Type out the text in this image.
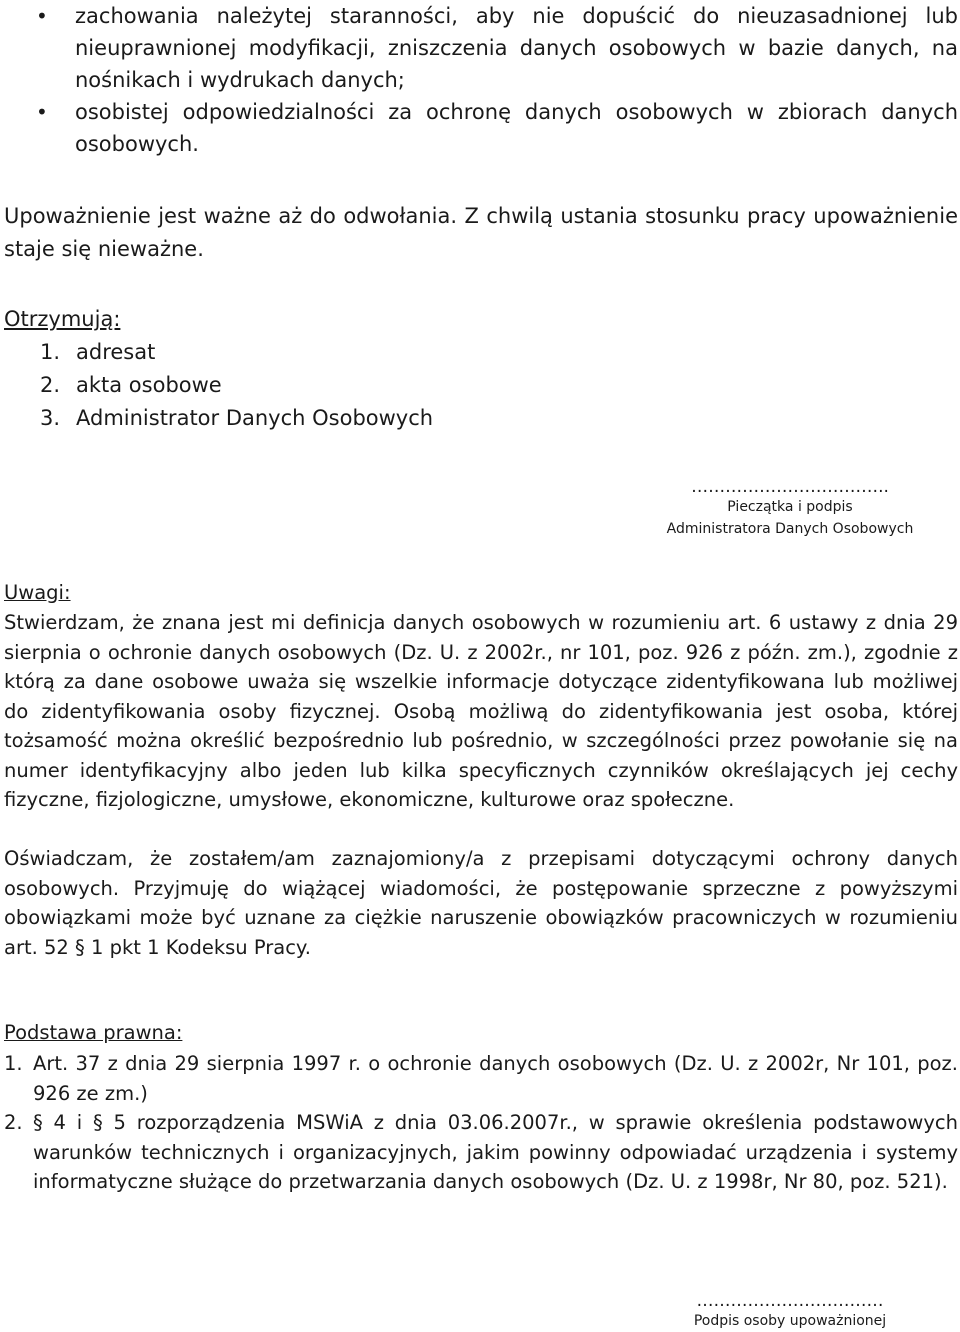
• zachowania należytej staranności, aby nie dopuścić do nieuzasadnionej lub nieuprawnionej modyfikacji, zniszczenia danych osobowych w bazie danych, na nośnikach i wydrukach danych;
• osobistej odpowiedzialności za ochronę danych osobowych w zbiorach danych osobowych.

Upoważnienie jest ważne aż do odwołania. Z chwilą ustania stosunku pracy upoważnienie staje się nieważne.

Otrzymują:
1. adresat
2. akta osobowe
3. Administrator Danych Osobowych
……………………………..
Pieczątka i podpis
Administratora Danych Osobowych
Uwagi:

Stwierdzam, że znana jest mi definicja danych osobowych w rozumieniu art. 6 ustawy z dnia 29 sierpnia o ochronie danych osobowych (Dz. U. z 2002r., nr 101, poz. 926 z późn. zm.), zgodnie z którą za dane osobowe uważa się wszelkie informacje dotyczące zidentyfikowana lub możliwej do zidentyfikowania osoby fizycznej. Osobą możliwą do zidentyfikowania jest osoba, której tożsamość można określić bezpośrednio lub pośrednio, w szczególności przez powołanie się na numer identyfikacyjny albo jeden lub kilka specyficznych czynników określających jej cechy fizyczne, fizjologiczne, umysłowe, ekonomiczne, kulturowe oraz społeczne.

Oświadczam, że zostałem/am zaznajomiony/a z przepisami dotyczącymi ochrony danych osobowych. Przyjmuję do wiążącej wiadomości, że postępowanie sprzeczne z powyższymi obowiązkami może być uznane za ciężkie naruszenie obowiązków pracowniczych w rozumieniu art. 52 § 1 pkt 1 Kodeksu Pracy.

Podstawa prawna:
1. Art. 37 z dnia 29 sierpnia 1997 r. o ochronie danych osobowych (Dz. U. z 2002r, Nr 101, poz. 926 ze zm.)
2. § 4 i § 5 rozporządzenia MSWiA z dnia 03.06.2007r., w sprawie określenia podstawowych warunków technicznych i organizacyjnych, jakim powinny odpowiadać urządzenia i systemy informatyczne służące do przetwarzania danych osobowych (Dz. U. z 1998r, Nr 80, poz. 521).
……………………………
Podpis osoby upoważnionej
